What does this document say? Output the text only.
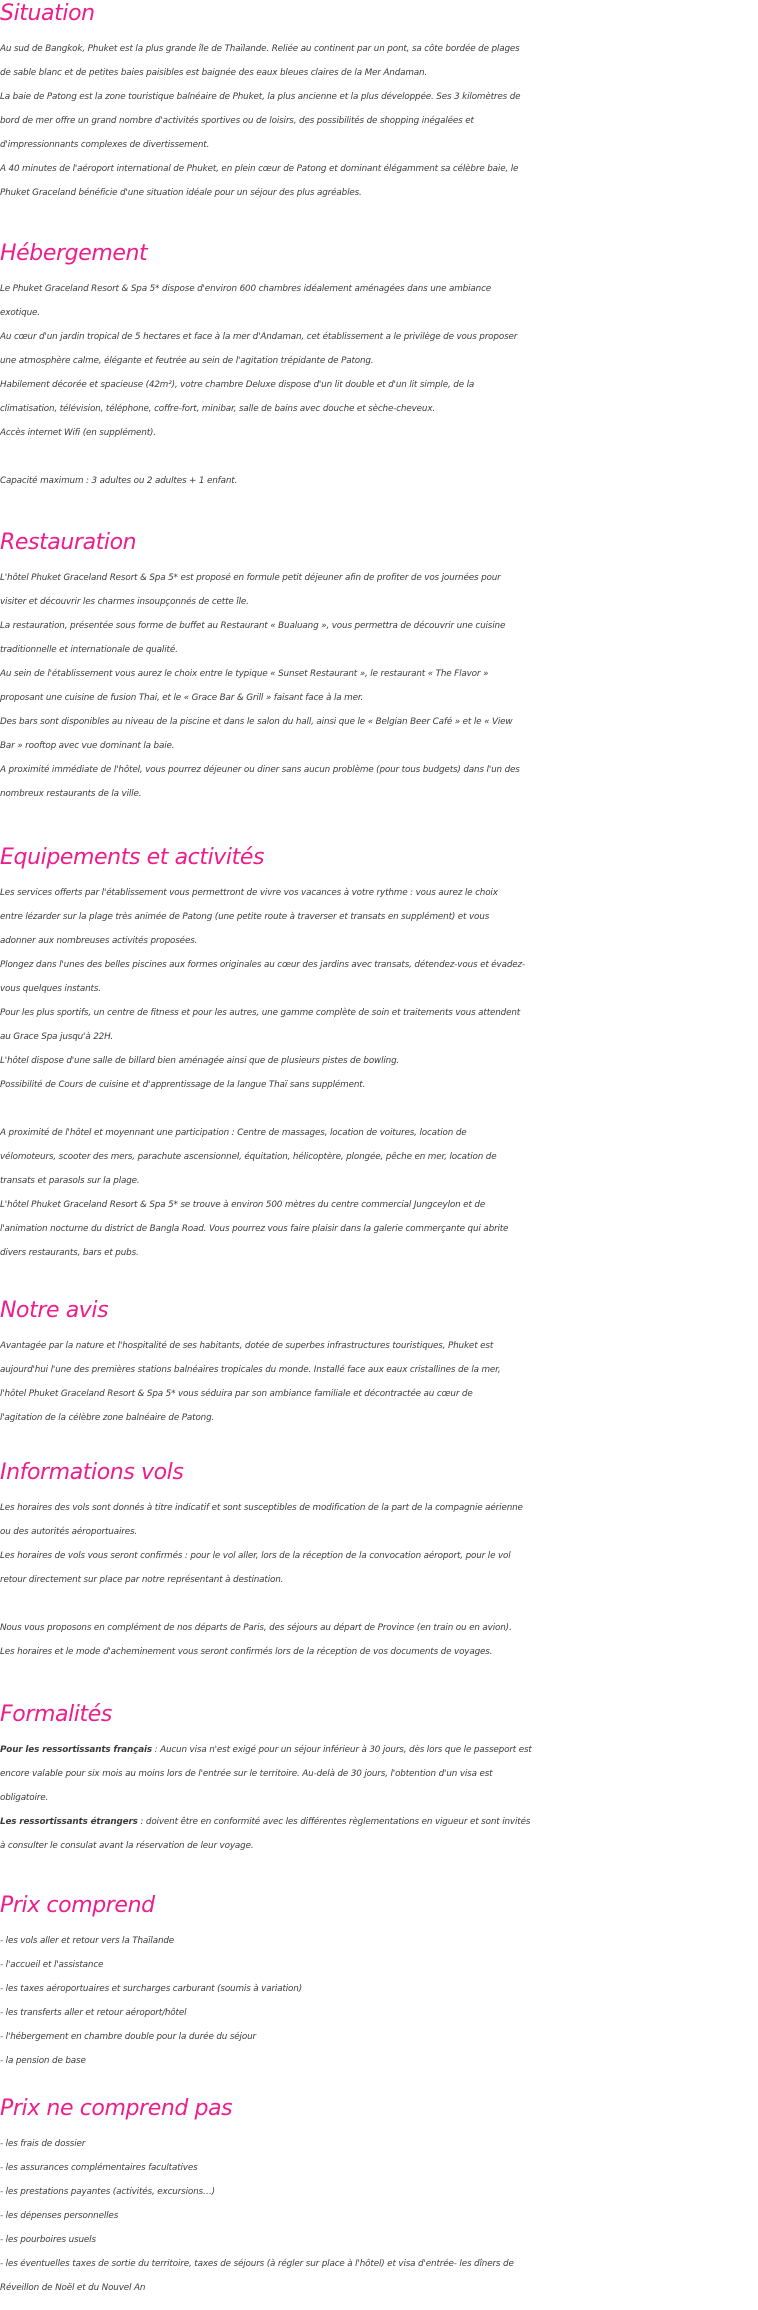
Situation
Au sud de Bangkok, Phuket est la plus grande île de Thaïlande. Reliée au continent par un pont, sa côte bordée de plages
de sable blanc et de petites baies paisibles est baignée des eaux bleues claires de la Mer Andaman.
La baie de Patong est la zone touristique balnéaire de Phuket, la plus ancienne et la plus développée. Ses 3 kilomètres de
bord de mer offre un grand nombre d'activités sportives ou de loisirs, des possibilités de shopping inégalées et
d'impressionnants complexes de divertissement.
A 40 minutes de l'aéroport international de Phuket, en plein cœur de Patong et dominant élégamment sa célèbre baie, le
Phuket Graceland bénéficie d'une situation idéale pour un séjour des plus agréables.
Hébergement
Le Phuket Graceland Resort & Spa 5* dispose d'environ 600 chambres idéalement aménagées dans une ambiance
exotique.
Au cœur d'un jardin tropical de 5 hectares et face à la mer d'Andaman, cet établissement a le privilège de vous proposer
une atmosphère calme, élégante et feutrée au sein de l'agitation trépidante de Patong.
Habilement décorée et spacieuse (42m²), votre chambre Deluxe dispose d'un lit double et d'un lit simple, de la
climatisation, télévision, téléphone, coffre-fort, minibar, salle de bains avec douche et sèche-cheveux.
Accès internet Wifi (en supplément).
Capacité maximum : 3 adultes ou 2 adultes + 1 enfant.
Restauration
L'hôtel Phuket Graceland Resort & Spa 5* est proposé en formule petit déjeuner afin de profiter de vos journées pour
visiter et découvrir les charmes insoupçonnés de cette île.
La restauration, présentée sous forme de buffet au Restaurant « Bualuang », vous permettra de découvrir une cuisine
traditionnelle et internationale de qualité.
Au sein de l'établissement vous aurez le choix entre le typique « Sunset Restaurant », le restaurant « The Flavor »
proposant une cuisine de fusion Thai, et le « Grace Bar & Grill » faisant face à la mer.
Des bars sont disponibles au niveau de la piscine et dans le salon du hall, ainsi que le « Belgian Beer Café » et le « View
Bar » rooftop avec vue dominant la baie.
A proximité immédiate de l'hôtel, vous pourrez déjeuner ou diner sans aucun problème (pour tous budgets) dans l'un des
nombreux restaurants de la ville.
Equipements et activités
Les services offerts par l'établissement vous permettront de vivre vos vacances à votre rythme : vous aurez le choix
entre lézarder sur la plage très animée de Patong (une petite route à traverser et transats en supplément) et vous
adonner aux nombreuses activités proposées.
Plongez dans l'unes des belles piscines aux formes originales au cœur des jardins avec transats, détendez-vous et évadez-
vous quelques instants.
Pour les plus sportifs, un centre de fitness et pour les autres, une gamme complète de soin et traitements vous attendent
au Grace Spa jusqu'à 22H.
L'hôtel dispose d'une salle de billard bien aménagée ainsi que de plusieurs pistes de bowling.
Possibilité de Cours de cuisine et d'apprentissage de la langue Thaï sans supplément.
A proximité de l'hôtel et moyennant une participation : Centre de massages, location de voitures, location de
vélomoteurs, scooter des mers, parachute ascensionnel, équitation, hélicoptère, plongée, pêche en mer, location de
transats et parasols sur la plage.
L'hôtel Phuket Graceland Resort & Spa 5* se trouve à environ 500 mètres du centre commercial Jungceylon et de
l'animation nocturne du district de Bangla Road. Vous pourrez vous faire plaisir dans la galerie commerçante qui abrite
divers restaurants, bars et pubs.
Notre avis
Avantagée par la nature et l'hospitalité de ses habitants, dotée de superbes infrastructures touristiques, Phuket est
aujourd'hui l'une des premières stations balnéaires tropicales du monde. Installé face aux eaux cristallines de la mer,
l'hôtel Phuket Graceland Resort & Spa 5* vous séduira par son ambiance familiale et décontractée au cœur de
l'agitation de la célèbre zone balnéaire de Patong.
Informations vols
Les horaires des vols sont donnés à titre indicatif et sont susceptibles de modification de la part de la compagnie aérienne
ou des autorités aéroportuaires.
Les horaires de vols vous seront confirmés : pour le vol aller, lors de la réception de la convocation aéroport, pour le vol
retour directement sur place par notre représentant à destination.
Nous vous proposons en complément de nos départs de Paris, des séjours au départ de Province (en train ou en avion).
Les horaires et le mode d'acheminement vous seront confirmés lors de la réception de vos documents de voyages.
Formalités
Pour les ressortissants français : Aucun visa n'est exigé pour un séjour inférieur à 30 jours, dès lors que le passeport est
encore valable pour six mois au moins lors de l'entrée sur le territoire. Au-delà de 30 jours, l'obtention d'un visa est
obligatoire.
Les ressortissants étrangers : doivent être en conformité avec les différentes règlementations en vigueur et sont invités
à consulter le consulat avant la réservation de leur voyage.
Prix comprend
- les vols aller et retour vers la Thaïlande
- l'accueil et l'assistance
- les taxes aéroportuaires et surcharges carburant (soumis à variation)
- les transferts aller et retour aéroport/hôtel
- l'hébergement en chambre double pour la durée du séjour
- la pension de base
Prix ne comprend pas
- les frais de dossier
- les assurances complémentaires facultatives
- les prestations payantes (activités, excursions…)
- les dépenses personnelles
- les pourboires usuels
- les éventuelles taxes de sortie du territoire, taxes de séjours (à régler sur place à l'hôtel) et visa d'entrée- les dîners de
Réveillon de Noël et du Nouvel An
